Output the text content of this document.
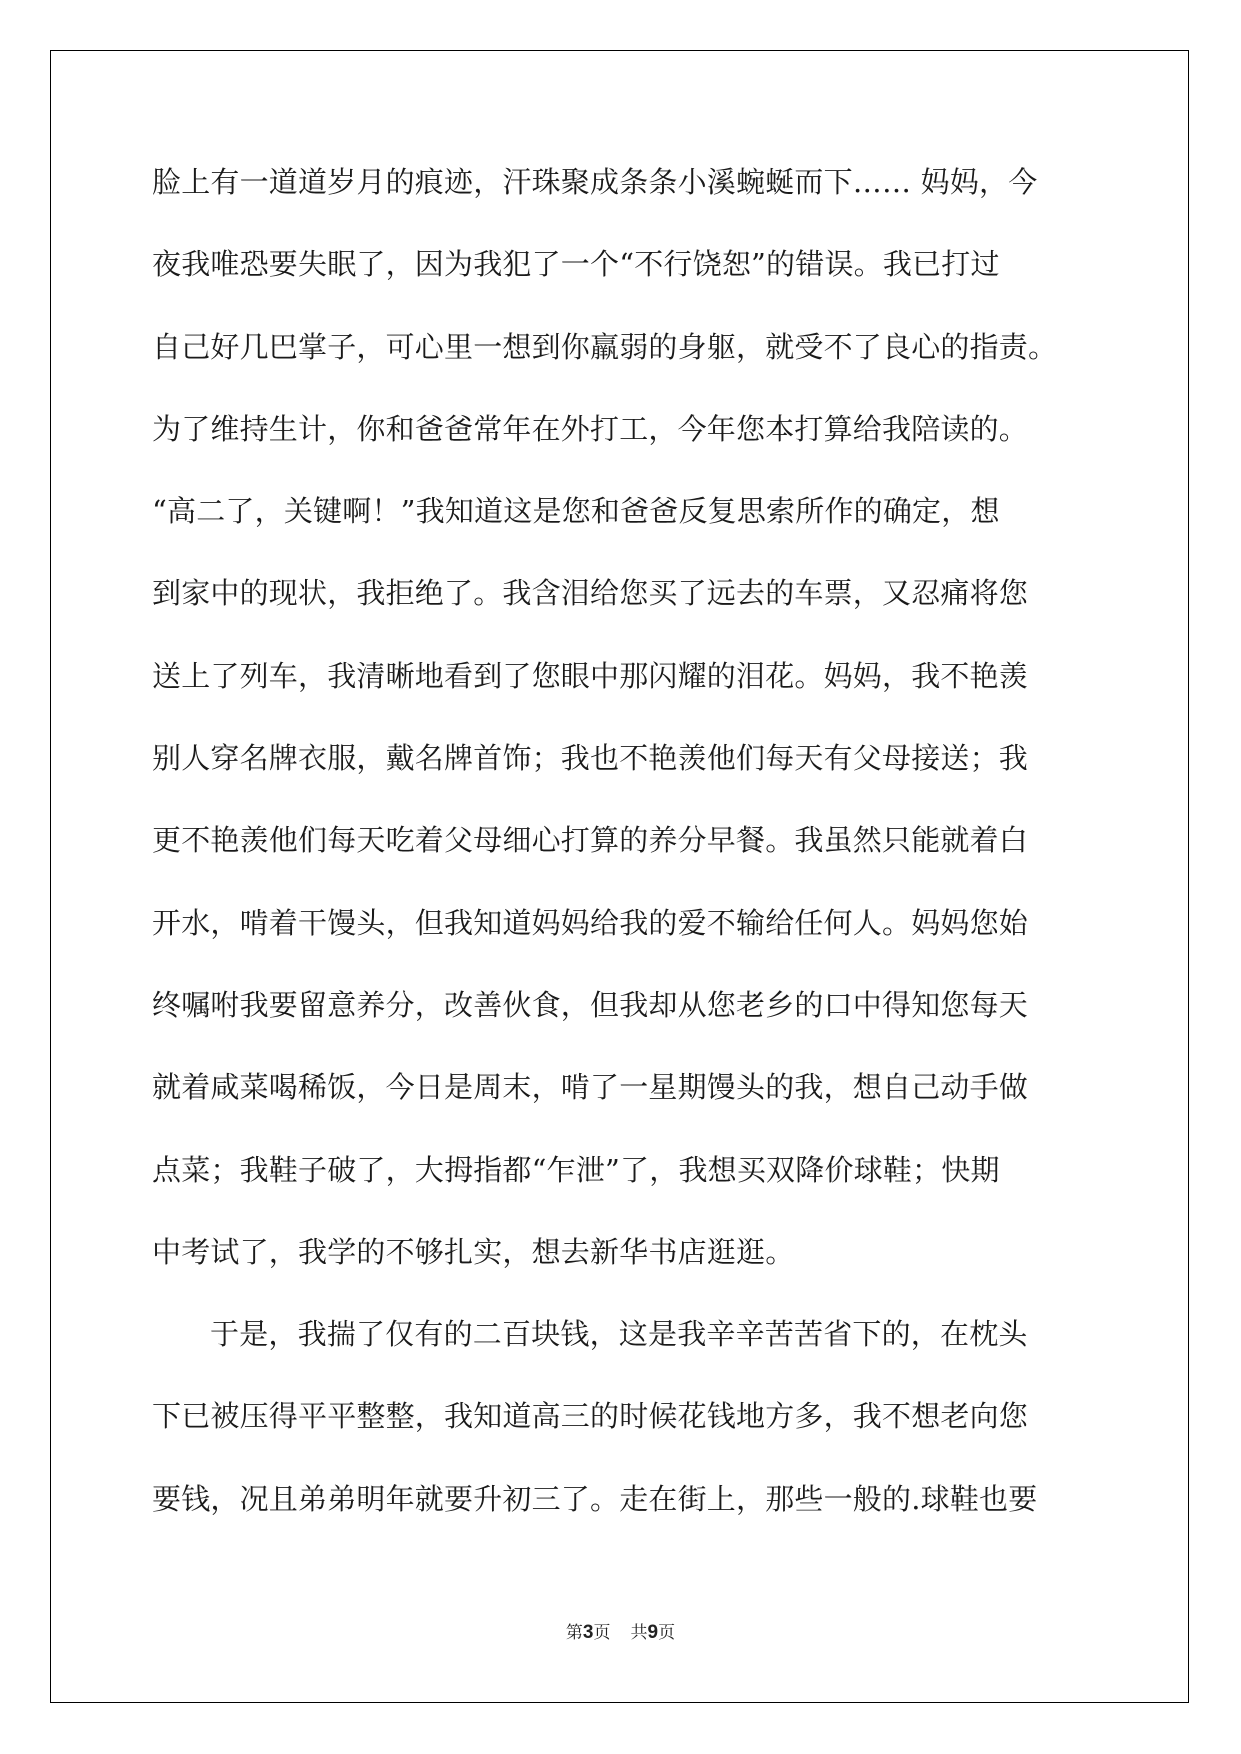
脸上有一道道岁月的痕迹，汗珠聚成条条小溪蜿蜒而下…… 妈妈，今
夜我唯恐要失眠了，因为我犯了一个“不行饶恕”的错误。我已打过
自己好几巴掌子，可心里一想到你羸弱的身躯，就受不了良心的指责。
为了维持生计，你和爸爸常年在外打工，今年您本打算给我陪读的。
“高二了，关键啊！”我知道这是您和爸爸反复思索所作的确定，想
到家中的现状，我拒绝了。我含泪给您买了远去的车票，又忍痛将您
送上了列车，我清晰地看到了您眼中那闪耀的泪花。妈妈，我不艳羡
别人穿名牌衣服，戴名牌首饰；我也不艳羡他们每天有父母接送；我
更不艳羡他们每天吃着父母细心打算的养分早餐。我虽然只能就着白
开水，啃着干馒头，但我知道妈妈给我的爱不输给任何人。妈妈您始
终嘱咐我要留意养分，改善伙食，但我却从您老乡的口中得知您每天
就着咸菜喝稀饭，今日是周末，啃了一星期馒头的我，想自己动手做
点菜；我鞋子破了，大拇指都“乍泄”了，我想买双降价球鞋；快期
中考试了，我学的不够扎实，想去新华书店逛逛。
于是，我揣了仅有的二百块钱，这是我辛辛苦苦省下的，在枕头
下已被压得平平整整，我知道高三的时候花钱地方多，我不想老向您
要钱，况且弟弟明年就要升初三了。走在街上，那些一般的.球鞋也要
第3页 共9页
